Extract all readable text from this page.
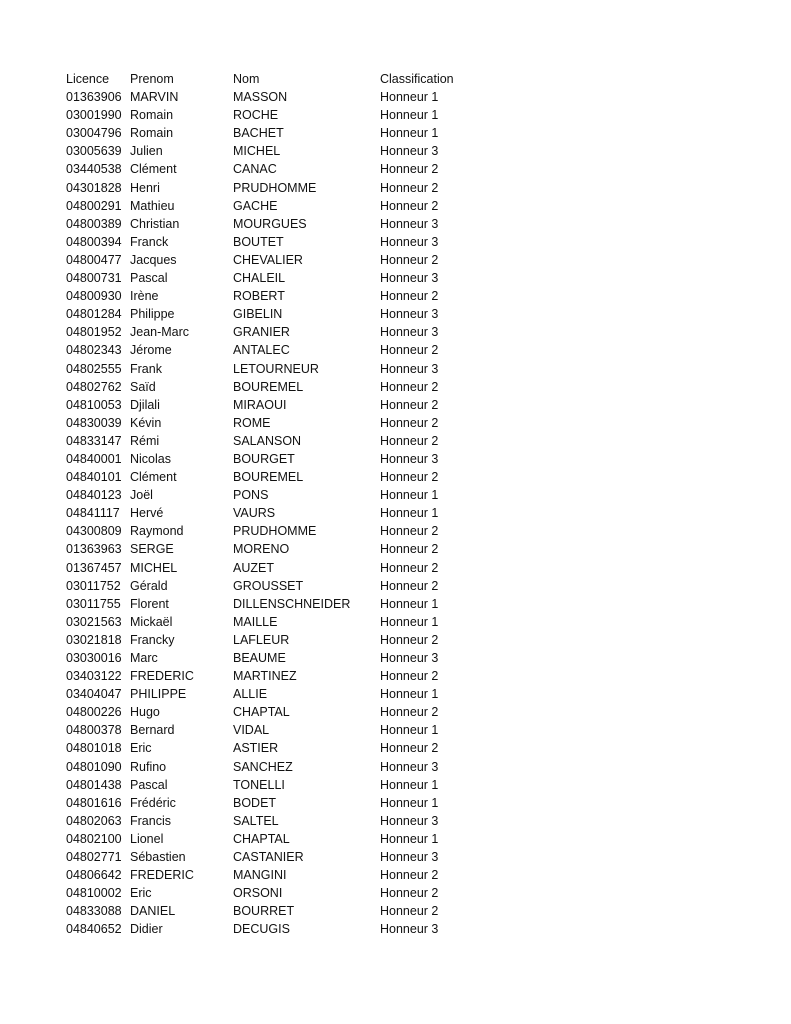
Licence Prenom	Nom	Classification
01363906 MARVIN	MASSON	Honneur 1
03001990 Romain	ROCHE	Honneur 1
03004796 Romain	BACHET	Honneur 1
03005639 Julien	MICHEL	Honneur 3
03440538 Clément	CANAC	Honneur 2
04301828 Henri	PRUDHOMME	Honneur 2
04800291 Mathieu	GACHE	Honneur 2
04800389 Christian	MOURGUES	Honneur 3
04800394 Franck	BOUTET	Honneur 3
04800477 Jacques	CHEVALIER	Honneur 2
04800731 Pascal	CHALEIL	Honneur 3
04800930 Irène	ROBERT	Honneur 2
04801284 Philippe	GIBELIN	Honneur 3
04801952 Jean-Marc	GRANIER	Honneur 3
04802343 Jérome	ANTALEC	Honneur 2
04802555 Frank	LETOURNEUR	Honneur 3
04802762 Saïd	BOUREMEL	Honneur 2
04810053 Djilali	MIRAOUI	Honneur 2
04830039 Kévin	ROME	Honneur 2
04833147 Rémi	SALANSON	Honneur 2
04840001 Nicolas	BOURGET	Honneur 3
04840101 Clément	BOUREMEL	Honneur 2
04840123 Joël	PONS	Honneur 1
04841117 Hervé	VAURS	Honneur 1
04300809 Raymond	PRUDHOMME	Honneur 2
01363963 SERGE	MORENO	Honneur 2
01367457 MICHEL	AUZET	Honneur 2
03011752 Gérald	GROUSSET	Honneur 2
03011755 Florent	DILLENSCHNEIDER Honneur 1
03021563 Mickaël	MAILLE	Honneur 1
03021818 Francky	LAFLEUR	Honneur 2
03030016 Marc	BEAUME	Honneur 3
03403122 FREDERIC	MARTINEZ	Honneur 2
03404047 PHILIPPE	ALLIE	Honneur 1
04800226 Hugo	CHAPTAL	Honneur 2
04800378 Bernard	VIDAL	Honneur 1
04801018 Eric	ASTIER	Honneur 2
04801090 Rufino	SANCHEZ	Honneur 3
04801438 Pascal	TONELLI	Honneur 1
04801616 Frédéric	BODET	Honneur 1
04802063 Francis	SALTEL	Honneur 3
04802100 Lionel	CHAPTAL	Honneur 1
04802771 Sébastien	CASTANIER	Honneur 3
04806642 FREDERIC	MANGINI	Honneur 2
04810002 Eric	ORSONI	Honneur 2
04833088 DANIEL	BOURRET	Honneur 2
04840652 Didier	DECUGIS	Honneur 3
